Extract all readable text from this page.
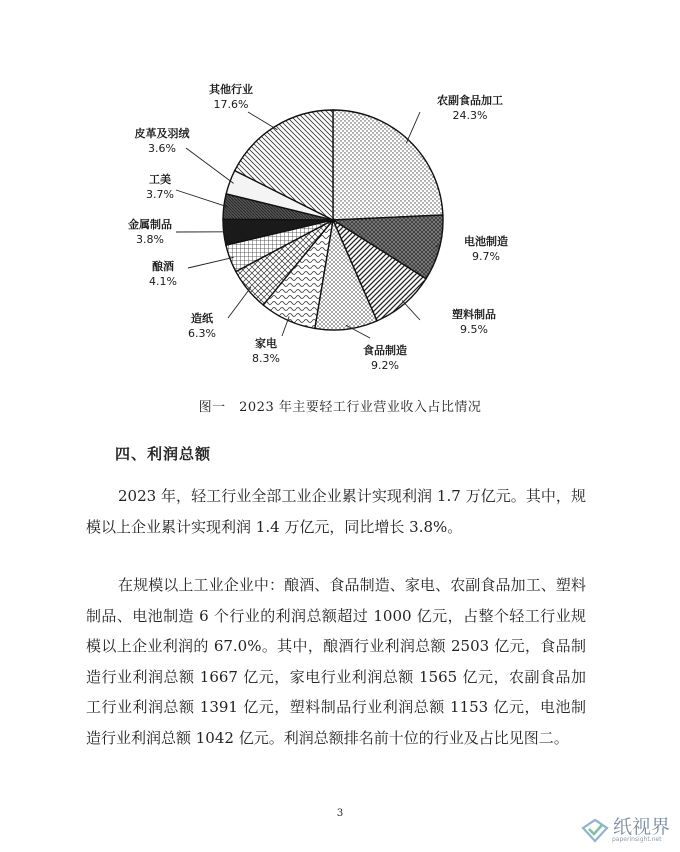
农副食品加工
24.3%
电池制造
9.7%
塑料制品
9.5%
食品制造
9.2%
家电
8.3%
造纸
6.3%
酿酒
4.1%
金属制品
3.8%
工美
3.7%
皮革及羽绒
3.6%
其他行业
17.6%
图一　2023 年主要轻工行业营业收入占比情况
四、利润总额
2023 年，轻工行业全部工业企业累计实现利润 1.7 万亿元。其中，规模以上企业累计实现利润 1.4 万亿元，同比增长 3.8%。
在规模以上工业企业中：酿酒、食品制造、家电、农副食品加工、塑料制品、电池制造 6 个行业的利润总额超过 1000 亿元，占整个轻工行业规模以上企业利润的 67.0%。其中，酿酒行业利润总额 2503 亿元，食品制造行业利润总额 1667 亿元，家电行业利润总额 1565 亿元，农副食品加工行业利润总额 1391 亿元，塑料制品行业利润总额 1153 亿元，电池制造行业利润总额 1042 亿元。利润总额排名前十位的行业及占比见图二。
3
纸视界
paperinsight.net
